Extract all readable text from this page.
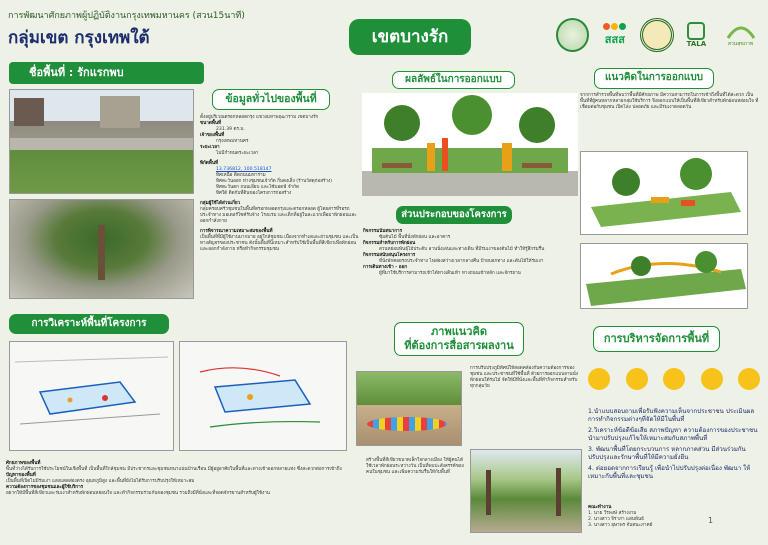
การพัฒนาศักยภาพผู้ปฏิบัติงานกรุงเทพมหานคร (สวน15นาที)
กลุ่มเขต กรุงเทพใต้	เขตบางรัก	สสส	TALA	สวนสุขภาพ
ชื่อพื้นที่ : รักแรกพบ
ข้อมูลทั่วไปของพื้นที่
ตั้งอยู่บริเวณตรอกหลอดกรุง แขวงมหาพฤฒาราม เขตบางรัก
ขนาดพื้นที่
231.39 ตร.ม.
เจ้าของพื้นที่
กรุงเทพมหานคร
ระยะเวลา
ไม่มีกำหนดระยะเวลา
พิกัดพื้นที่
13.736812, 100.518147
ทิศเหนือ ติดถนนมหาราม
ทิศตะวันออก ห่างชุมชนเจ้ากัด กิ่มตงเส็ง (ร้านวัสดุก่อสร้าง)
ทิศตะวันตก ถนนเลียบ และไซ้บอดฟ์ จำกัด
ทิศใต้ ติดกับที่ดินของโครงการก่อสร้าง
กลุ่มผู้ใช้ได้ส่วนเกี่ยว
กลุ่มครอบครัวชุมชนในพื้นที่ตรอกหลอดกรุงและตรอกหลอด ผู้โดยสารที่รอรถประจำทาง มอเตอร์ไซค์รับจ้าง โรงแรม และเด็กที่อยู่ในละแวกเพื่อมาพักผ่อนและออกกำลังกาย
การพิจารณาความเหมาะสมของพื้นที่
เป็นพื้นที่ที่มีผู้ใช้งานมากมาย อยู่ใกล้ชุมชน เนื่องจากทำเลและย่านชุมชน และเป็นทางสัญจรของประชาชน ดังนั้นพื้นที่นี้เหมาะสำหรับใช้เป็นพื้นที่สีเขียวเพื่อพักผ่อนและออกกำลังกาย หรือทำกิจกรรมชุมชน
การวิเคราะห์พื้นที่โครงการ
ศักยภาพของพื้นที่
พื้นที่ว่างได้รับการใช้ประโยชน์ในเชิงพื้นที่ เป็นพื้นที่ใกล้ชุมชน มีประชากรและชุมชนหนาแน่นบ้านเรือน มีผู้อยู่อาศัยในพื้นที่และทางเข้าออกหลายแห่ง ซึ่งสะดวกต่อการเข้าถึง
ปัญหาของพื้นที่
เป็นพื้นที่เปิดไม่มีร่มเงา แสงแดดส่องตรง อุณหภูมิสูง และพื้นที่ยังไม่ได้รับการปรับปรุงให้เหมาะสม
ความต้องการของชุมชนและผู้ใช้บริการ
อยากให้มีพื้นที่สีเขียวและร่มเงาสำหรับพักผ่อนหย่อนใจ และทำกิจกรรมร่วมกันของชุมชน รวมถึงมีที่นั่งและที่จอดจักรยานสำหรับผู้ใช้งาน
ผลลัพธ์ในการออกแบบ
ส่วนประกอบของโครงการ
กิจกรรมนันทนาการ
ซุ้มต้นไม้ พื้นที่นั่งพักผ่อน และอาคาร
กิจกรรมสำหรับการพักผ่อน
สวนหย่อมพันธุ์ไม้ประดับ ลานนั่งเล่นและทางเดิน ที่มีร่มเงาของต้นไม้ ทำให้รู้สึกร่มรื่น
กิจกรรมสนับสนุนโครงการ
ที่นั่งพักคอยรถประจำทาง ไฟส่องสว่างเวลากลางคืน ป้ายบอกทาง และต้นไม้ให้ร่มเงา
การเดินทางเข้า - ออก
ผู้ที่มาใช้บริการสามารถเข้าได้ทางเดินเท้า ทางถนนเข้าหลัก และจักรยาน
ภาพแนวคิด
ที่ต้องการสื่อสารผลงาน
การปรับปรุงภูมิทัศน์ให้สอดคล้องกับความต้องการของชุมชน และประชาชนที่ใช้พื้นที่ ด้วยการออกแบบลานนั่งพักผ่อนใต้ร่มไม้ จัดให้มีที่นั่งและพื้นที่ทำกิจกรรมสำหรับทุกกลุ่มวัย
สร้างพื้นที่สีเขียวขนาดเล็กใจกลางเมือง ให้ผู้คนได้ใช้เวลาพักผ่อนระหว่างวัน เป็นที่พบปะสังสรรค์ของคนในชุมชน และเพิ่มความร่มรื่นให้กับพื้นที่
แนวคิดในการออกแบบ
จากการสำรวจพื้นที่พบว่าพื้นที่มีศักยภาพ มีความสามารถในการเข้าถึงพื้นที่ได้สะดวก เป็นพื้นที่ที่ผู้คนหลากหลายกลุ่มใช้บริการ จึงออกแบบให้เป็นพื้นที่สีเขียวสำหรับพักผ่อนหย่อนใจ ที่เชื่อมต่อกับชุมชน เปิดโล่ง ปลอดภัย และมีร่มเงาตลอดวัน
การบริหารจัดการพื้นที่
1.นำแบบสอบถามเพื่อรับฟังความเห็นจากประชาชน ประเมินผลการทำกิจกรรมต่างๆที่จัดให้มีในพื้นที่
2.วิเคราะห์ข้อดีข้อเสีย สภาพปัญหา ความต้องการของประชาชน นำมาปรับปรุงแก้ไขให้เหมาะสมกับสภาพพื้นที่
3. พัฒนาพื้นที่โดยกระบวนการ หลากภาคส่วน มีส่วนร่วมกันปรับปรุงและรักษาพื้นที่ให้มีความยั่งยืน
4. ต่อยอดจากการเรียนรู้ เพื่อนำไปปรับปรุงต่อเนื่อง พัฒนา ให้เหมาะกับพื้นที่และชุมชน
คณะทำงาน
1. นาย วีรพงษ์ สร้างงาม
2. นางสาว จิราภา แสนพันธ์
3. นางสาว อุษาพร จันทนะภาคย์
1
